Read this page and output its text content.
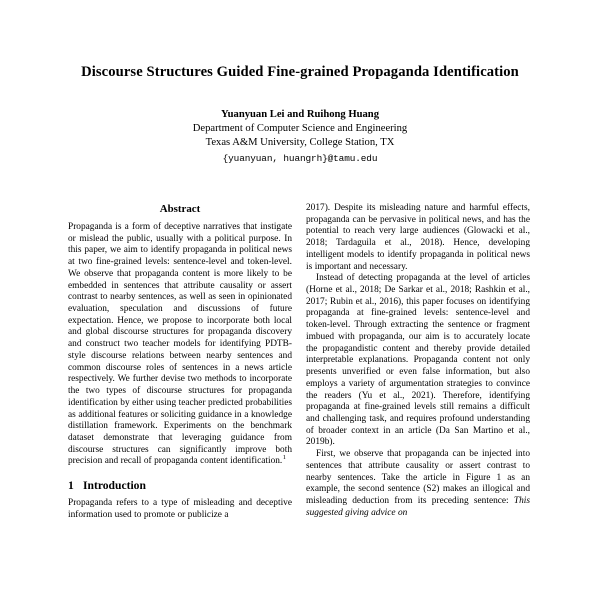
Discourse Structures Guided Fine-grained Propaganda Identification
Yuanyuan Lei and Ruihong Huang
Department of Computer Science and Engineering
Texas A&M University, College Station, TX
{yuanyuan, huangrh}@tamu.edu
Abstract

Propaganda is a form of deceptive narratives that instigate or mislead the public, usually with a political purpose. In this paper, we aim to identify propaganda in political news at two fine-grained levels: sentence-level and token-level. We observe that propaganda content is more likely to be embedded in sentences that attribute causality or assert contrast to nearby sentences, as well as seen in opinionated evaluation, speculation and discussions of future expectation. Hence, we propose to incorporate both local and global discourse structures for propaganda discovery and construct two teacher models for identifying PDTB-style discourse relations between nearby sentences and common discourse roles of sentences in a news article respectively. We further devise two methods to incorporate the two types of discourse structures for propaganda identification by either using teacher predicted probabilities as additional features or soliciting guidance in a knowledge distillation framework. Experiments on the benchmark dataset demonstrate that leveraging guidance from discourse structures can significantly improve both precision and recall of propaganda content identification.$^1$

1 Introduction

Propaganda refers to a type of misleading and deceptive information used to promote or publicize a

2017). Despite its misleading nature and harmful effects, propaganda can be pervasive in political news, and has the potential to reach very large audiences (Glowacki et al., 2018; Tardaguila et al., 2018). Hence, developing intelligent models to identify propaganda in political news is important and necessary.

Instead of detecting propaganda at the level of articles (Horne et al., 2018; De Sarkar et al., 2018; Rashkin et al., 2017; Rubin et al., 2016), this paper focuses on identifying propaganda at fine-grained levels: sentence-level and token-level. Through extracting the sentence or fragment imbued with propaganda, our aim is to accurately locate the propagandistic content and thereby provide detailed interpretable explanations. Propaganda content not only presents unverified or even false information, but also employs a variety of argumentation strategies to convince the readers (Yu et al., 2021). Therefore, identifying propaganda at fine-grained levels still remains a difficult and challenging task, and requires profound understanding of broader context in an article (Da San Martino et al., 2019b).

First, we observe that propaganda can be injected into sentences that attribute causality or assert contrast to nearby sentences. Take the article in Figure 1 as an example, the second sentence (S2) makes an illogical and misleading deduction from its preceding sentence: This suggested giving advice on
